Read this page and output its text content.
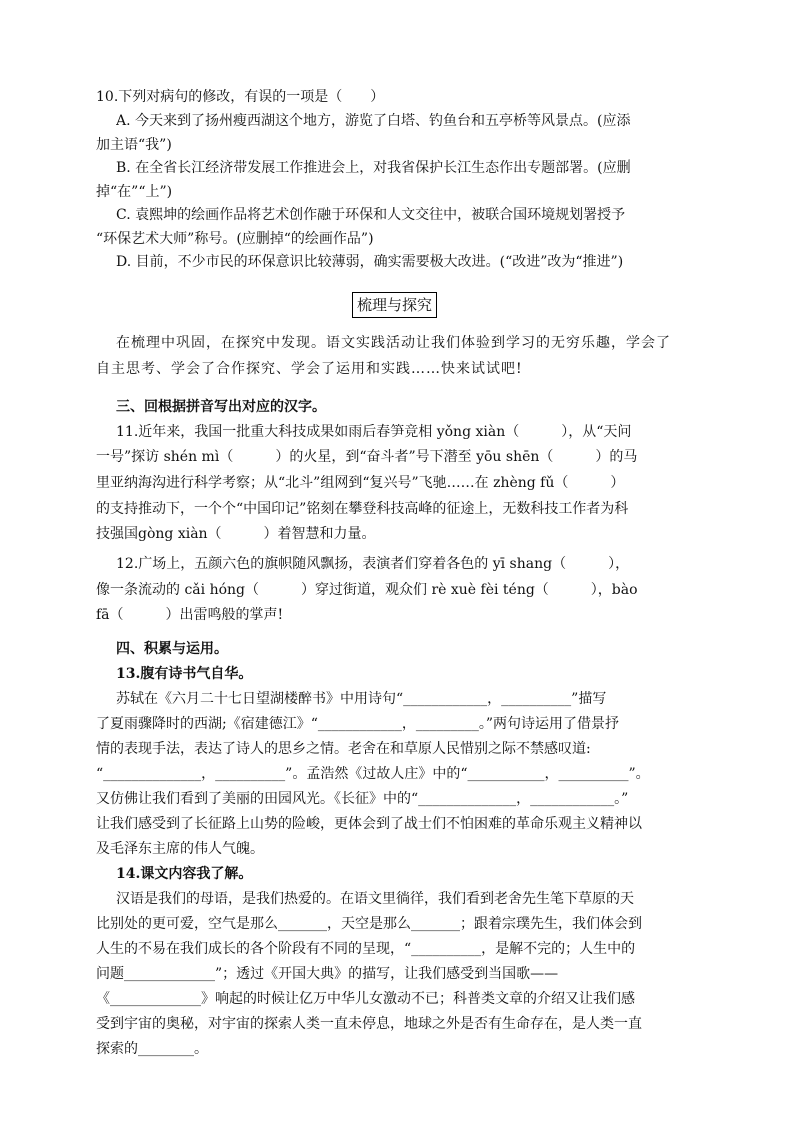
10.下列对病句的修改，有误的一项是（　　）
A. 今天来到了扬州瘦西湖这个地方，游览了白塔、钓鱼台和五亭桥等风景点。(应添
加主语“我”)
B. 在全省长江经济带发展工作推进会上，对我省保护长江生态作出专题部署。(应删
掉“在”“上”)
C. 袁熙坤的绘画作品将艺术创作融于环保和人文交往中，被联合国环境规划署授予
“环保艺术大师”称号。(应删掉“的绘画作品”)
D. 目前，不少市民的环保意识比较薄弱，确实需要极大改进。(“改进”改为“推进”)
梳理与探究
在梳理中巩固，在探究中发现。语文实践活动让我们体验到学习的无穷乐趣，学会了
自主思考、学会了合作探究、学会了运用和实践……快来试试吧!
三、回根据拼音写出对应的汉字。
11.近年来，我国一批重大科技成果如雨后春笋竞相 yǒng xiàn（　　　），从“天问
一号”探访 shén mì（　　　）的火星，到“奋斗者”号下潜至 yōu shēn（　　　）的马
里亚纳海沟进行科学考察；从“北斗”组网到“复兴号”飞驰……在 zhèng fǔ（　　　）
的支持推动下，一个个“中国印记”铭刻在攀登科技高峰的征途上，无数科技工作者为科
技强国gòng xiàn（　　　）着智慧和力量。
12.广场上，五颜六色的旗帜随风飘扬，表演者们穿着各色的 yī shang（　　　），
像一条流动的 cǎi hóng（　　　）穿过街道，观众们 rè xuè fèi téng（　　　），bào
fā（　　　）出雷鸣般的掌声!
四、积累与运用。
13.腹有诗书气自华。
苏轼在《六月二十七日望湖楼醉书》中用诗句“____________，__________”描写
了夏雨骤降时的西湖;《宿建德江》“____________，_________。”两句诗运用了借景抒
情的表现手法，表达了诗人的思乡之情。老舍在和草原人民惜别之际不禁感叹道:
“______________，__________”。孟浩然《过故人庄》中的“___________，__________”。
又仿佛让我们看到了美丽的田园风光。《长征》中的“______________，____________。”
让我们感受到了长征路上山势的险峻，更体会到了战士们不怕困难的革命乐观主义精神以
及毛泽东主席的伟人气魄。
14.课文内容我了解。
汉语是我们的母语，是我们热爱的。在语文里徜徉，我们看到老舍先生笔下草原的天
比别处的更可爱，空气是那么_______，天空是那么_______；跟着宗璞先生，我们体会到
人生的不易在我们成长的各个阶段有不同的呈现，“__________，是解不完的；人生中的
问题_____________”；透过《开国大典》的描写，让我们感受到当国歌——
《_____________》响起的时候让亿万中华儿女激动不已；科普类文章的介绍又让我们感
受到宇宙的奥秘，对宇宙的探索人类一直未停息，地球之外是否有生命存在，是人类一直
探索的________。
